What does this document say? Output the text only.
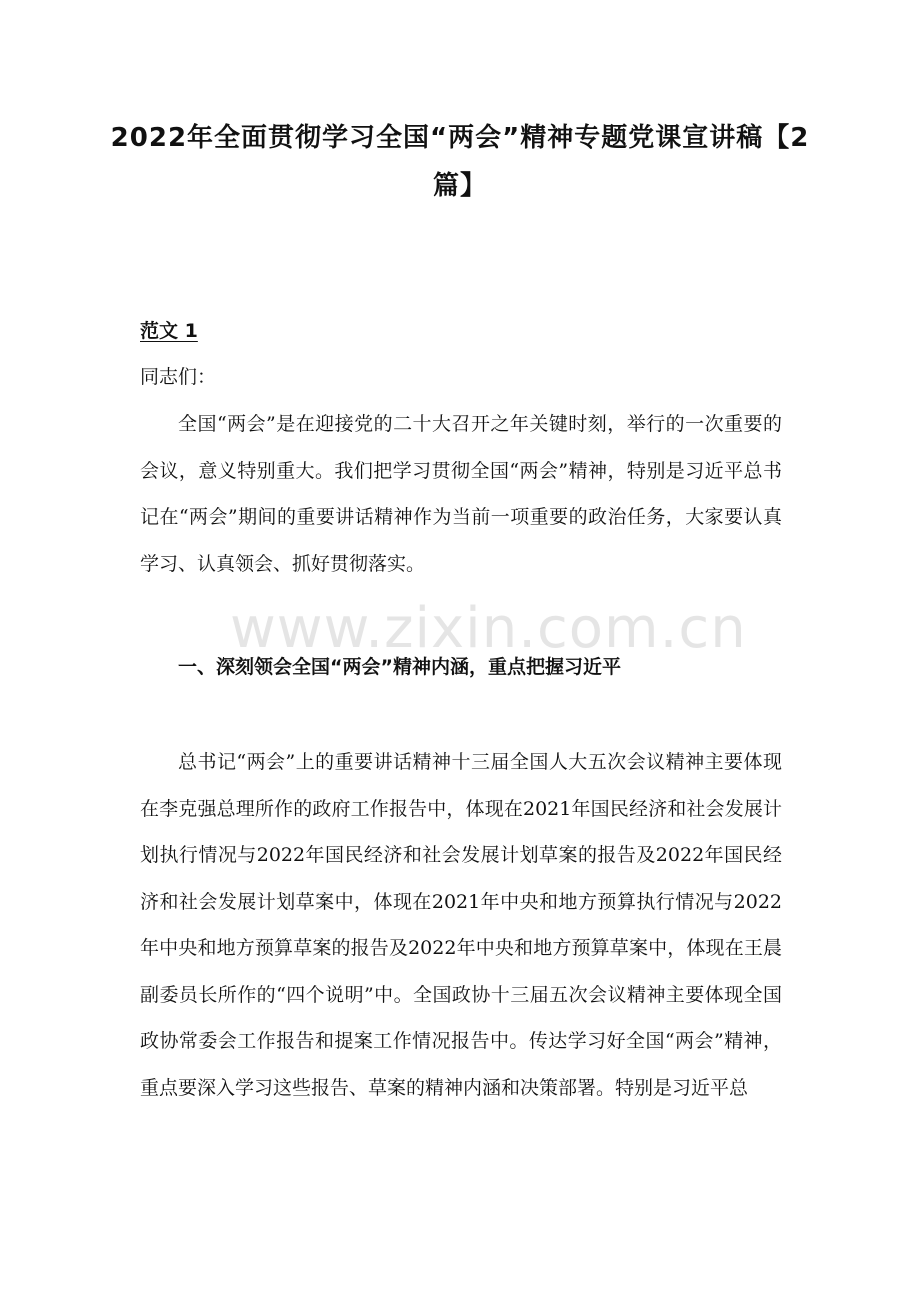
2022年全面贯彻学习全国“两会”精神专题党课宣讲稿【2篇】
范文 1
同志们：
全国“两会”是在迎接党的二十大召开之年关键时刻，举行的一次重要的会议，意义特别重大。我们把学习贯彻全国“两会”精神，特别是习近平总书记在“两会”期间的重要讲话精神作为当前一项重要的政治任务，大家要认真学习、认真领会、抓好贯彻落实。
www.zixin.com.cn
一、深刻领会全国“两会”精神内涵，重点把握习近平
总书记“两会”上的重要讲话精神十三届全国人大五次会议精神主要体现在李克强总理所作的政府工作报告中，体现在2021年国民经济和社会发展计划执行情况与2022年国民经济和社会发展计划草案的报告及2022年国民经济和社会发展计划草案中，体现在2021年中央和地方预算执行情况与2022年中央和地方预算草案的报告及2022年中央和地方预算草案中，体现在王晨副委员长所作的“四个说明”中。全国政协十三届五次会议精神主要体现全国政协常委会工作报告和提案工作情况报告中。传达学习好全国“两会”精神，重点要深入学习这些报告、草案的精神内涵和决策部署。特别是习近平总
